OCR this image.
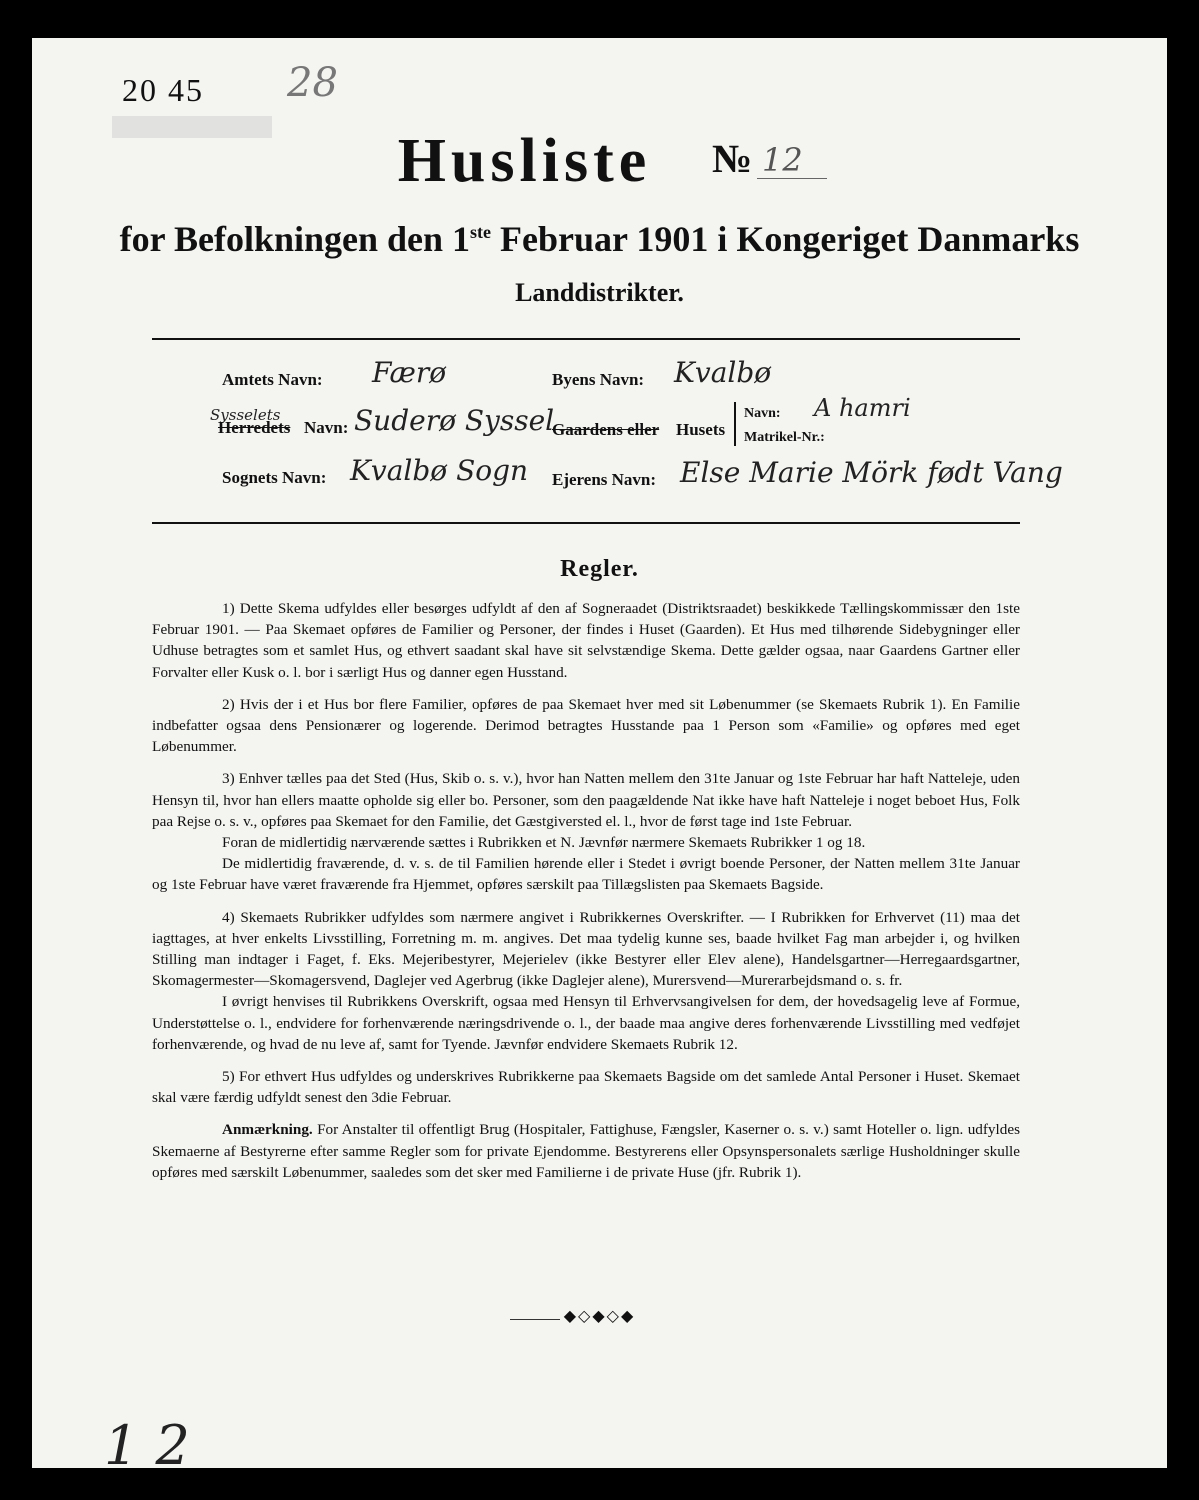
20 45 28
Husliste	№ 12
for Befolkningen den 1ste Februar 1901 i Kongeriget Danmarks
Landdistrikter.
Amtets Navn: Færø	Byens Navn: Kvalbø
Sysselets
Herredets Navn: Suderø Syssel
Gaardens eller Husets
Navn: A hamri
Matrikel-Nr.:
Sognets Navn: Kvalbø Sogn Ejerens Navn: Else Marie Mörk født Vang
Regler.

1) Dette Skema udfyldes eller besørges udfyldt af den af Sogneraadet (Distriktsraadet) beskikkede Tællingskommissær den 1ste Februar 1901. — Paa Skemaet opføres de Familier og Personer, der findes i Huset (Gaarden). Et Hus med tilhørende Sidebygninger eller Udhuse betragtes som et samlet Hus, og ethvert saadant skal have sit selvstændige Skema. Dette gælder ogsaa, naar Gaardens Gartner eller Forvalter eller Kusk o. l. bor i særligt Hus og danner egen Husstand.

2) Hvis der i et Hus bor flere Familier, opføres de paa Skemaet hver med sit Løbenummer (se Skemaets Rubrik 1). En Familie indbefatter ogsaa dens Pensionærer og logerende. Derimod betragtes Husstande paa 1 Person som «Familie» og opføres med eget Løbenummer.

3) Enhver tælles paa det Sted (Hus, Skib o. s. v.), hvor han Natten mellem den 31te Januar og 1ste Februar har haft Natteleje, uden Hensyn til, hvor han ellers maatte opholde sig eller bo. Personer, som den paagældende Nat ikke have haft Natteleje i noget beboet Hus, Folk paa Rejse o. s. v., opføres paa Skemaet for den Familie, det Gæstgiversted el. l., hvor de først tage ind 1ste Februar.

Foran de midlertidig nærværende sættes i Rubrikken et N. Jævnfør nærmere Skemaets Rubrikker 1 og 18.

De midlertidig fraværende, d. v. s. de til Familien hørende eller i Stedet i øvrigt boende Personer, der Natten mellem 31te Januar og 1ste Februar have været fraværende fra Hjemmet, opføres særskilt paa Tillægslisten paa Skemaets Bagside.

4) Skemaets Rubrikker udfyldes som nærmere angivet i Rubrikkernes Overskrifter. — I Rubrikken for Erhvervet (11) maa det iagttages, at hver enkelts Livsstilling, Forretning m. m. angives. Det maa tydelig kunne ses, baade hvilket Fag man arbejder i, og hvilken Stilling man indtager i Faget, f. Eks. Mejeribestyrer, Mejerielev (ikke Bestyrer eller Elev alene), Handelsgartner—Herregaardsgartner, Skomagermester—Skomagersvend, Daglejer ved Agerbrug (ikke Daglejer alene), Murersvend—Murerarbejdsmand o. s. fr.

I øvrigt henvises til Rubrikkens Overskrift, ogsaa med Hensyn til Erhvervsangivelsen for dem, der hovedsagelig leve af Formue, Understøttelse o. l., endvidere for forhenværende næringsdrivende o. l., der baade maa angive deres forhenværende Livsstilling med vedføjet forhenværende, og hvad de nu leve af, samt for Tyende. Jævnfør endvidere Skemaets Rubrik 12.

5) For ethvert Hus udfyldes og underskrives Rubrikkerne paa Skemaets Bagside om det samlede Antal Personer i Huset. Skemaet skal være færdig udfyldt senest den 3die Februar.

Anmærkning. For Anstalter til offentligt Brug (Hospitaler, Fattighuse, Fængsler, Kaserner o. s. v.) samt Hoteller o. lign. udfyldes Skemaerne af Bestyrerne efter samme Regler som for private Ejendomme. Bestyrerens eller Opsynspersonalets særlige Husholdninger skulle opføres med særskilt Løbenummer, saaledes som det sker med Familierne i de private Huse (jfr. Rubrik 1).

◆◇◆◇◆
1 2
